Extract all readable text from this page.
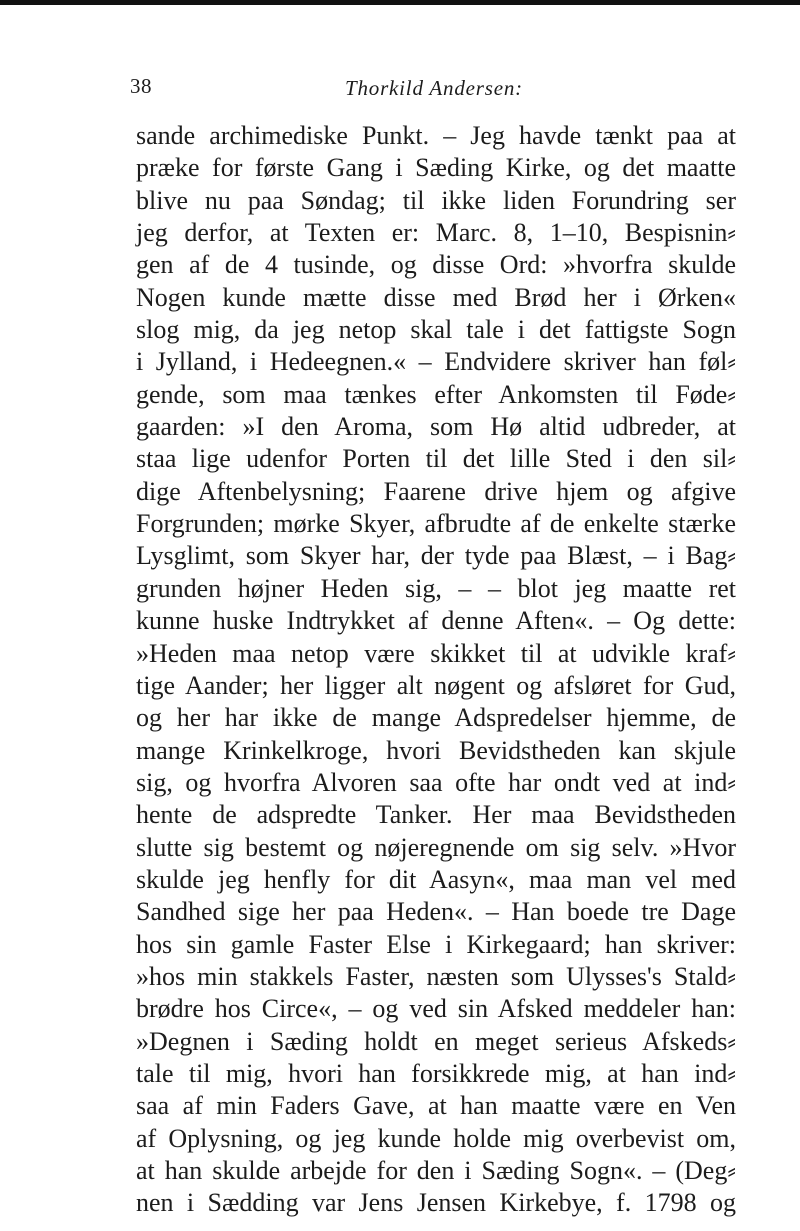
38	Thorkild Andersen:
sande archimediske Punkt. – Jeg havde tænkt paa at
præke for første Gang i Sæding Kirke, og det maatte
blive nu paa Søndag; til ikke liden Forundring ser
jeg derfor, at Texten er: Marc. 8, 1–10, Bespisnin⸗
gen af de 4 tusinde, og disse Ord: »hvorfra skulde
Nogen kunde mætte disse med Brød her i Ørken«
slog mig, da jeg netop skal tale i det fattigste Sogn
i Jylland, i Hedeegnen.« – Endvidere skriver han føl⸗
gende, som maa tænkes efter Ankomsten til Føde⸗
gaarden: »I den Aroma, som Hø altid udbreder, at
staa lige udenfor Porten til det lille Sted i den sil⸗
dige Aftenbelysning; Faarene drive hjem og afgive
Forgrunden; mørke Skyer, afbrudte af de enkelte stærke
Lysglimt, som Skyer har, der tyde paa Blæst, – i Bag⸗
grunden højner Heden sig, – – blot jeg maatte ret
kunne huske Indtrykket af denne Aften«. – Og dette:
»Heden maa netop være skikket til at udvikle kraf⸗
tige Aander; her ligger alt nøgent og afsløret for Gud,
og her har ikke de mange Adspredelser hjemme, de
mange Krinkelkroge, hvori Bevidstheden kan skjule
sig, og hvorfra Alvoren saa ofte har ondt ved at ind⸗
hente de adspredte Tanker. Her maa Bevidstheden
slutte sig bestemt og nøjeregnende om sig selv. »Hvor
skulde jeg henfly for dit Aasyn«, maa man vel med
Sandhed sige her paa Heden«. – Han boede tre Dage
hos sin gamle Faster Else i Kirkegaard; han skriver:
»hos min stakkels Faster, næsten som Ulysses's Stald⸗
brødre hos Circe«, – og ved sin Afsked meddeler han:
»Degnen i Sæding holdt en meget serieus Afskeds⸗
tale til mig, hvori han forsikkrede mig, at han ind⸗
saa af min Faders Gave, at han maatte være en Ven
af Oplysning, og jeg kunde holde mig overbevist om,
at han skulde arbejde for den i Sæding Sogn«. – (Deg⸗
nen i Sædding var Jens Jensen Kirkebye, f. 1798 og
